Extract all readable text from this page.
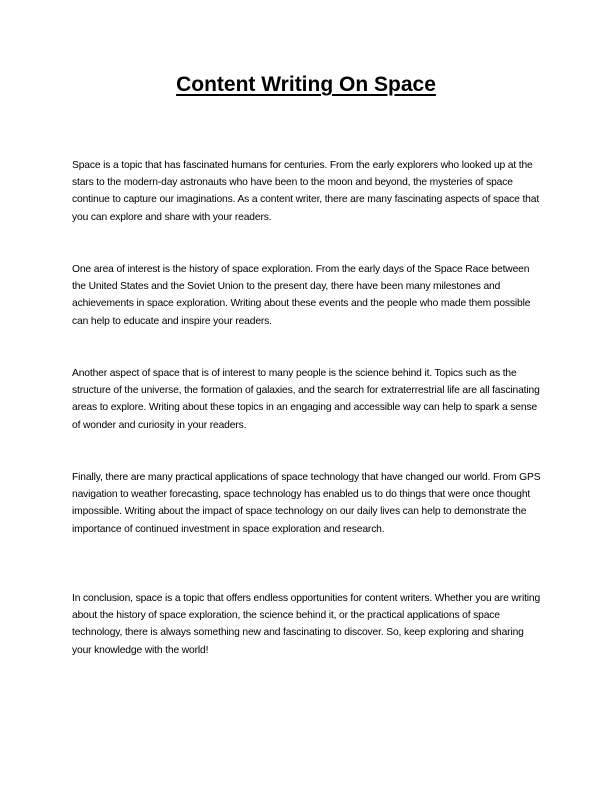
Content Writing On Space

Space is a topic that has fascinated humans for centuries. From the early explorers who looked up at the stars to the modern-day astronauts who have been to the moon and beyond, the mysteries of space continue to capture our imaginations. As a content writer, there are many fascinating aspects of space that you can explore and share with your readers.

One area of interest is the history of space exploration. From the early days of the Space Race between the United States and the Soviet Union to the present day, there have been many milestones and achievements in space exploration. Writing about these events and the people who made them possible can help to educate and inspire your readers.

Another aspect of space that is of interest to many people is the science behind it. Topics such as the structure of the universe, the formation of galaxies, and the search for extraterrestrial life are all fascinating areas to explore. Writing about these topics in an engaging and accessible way can help to spark a sense of wonder and curiosity in your readers.

Finally, there are many practical applications of space technology that have changed our world. From GPS navigation to weather forecasting, space technology has enabled us to do things that were once thought impossible. Writing about the impact of space technology on our daily lives can help to demonstrate the importance of continued investment in space exploration and research.

In conclusion, space is a topic that offers endless opportunities for content writers. Whether you are writing about the history of space exploration, the science behind it, or the practical applications of space technology, there is always something new and fascinating to discover. So, keep exploring and sharing your knowledge with the world!
